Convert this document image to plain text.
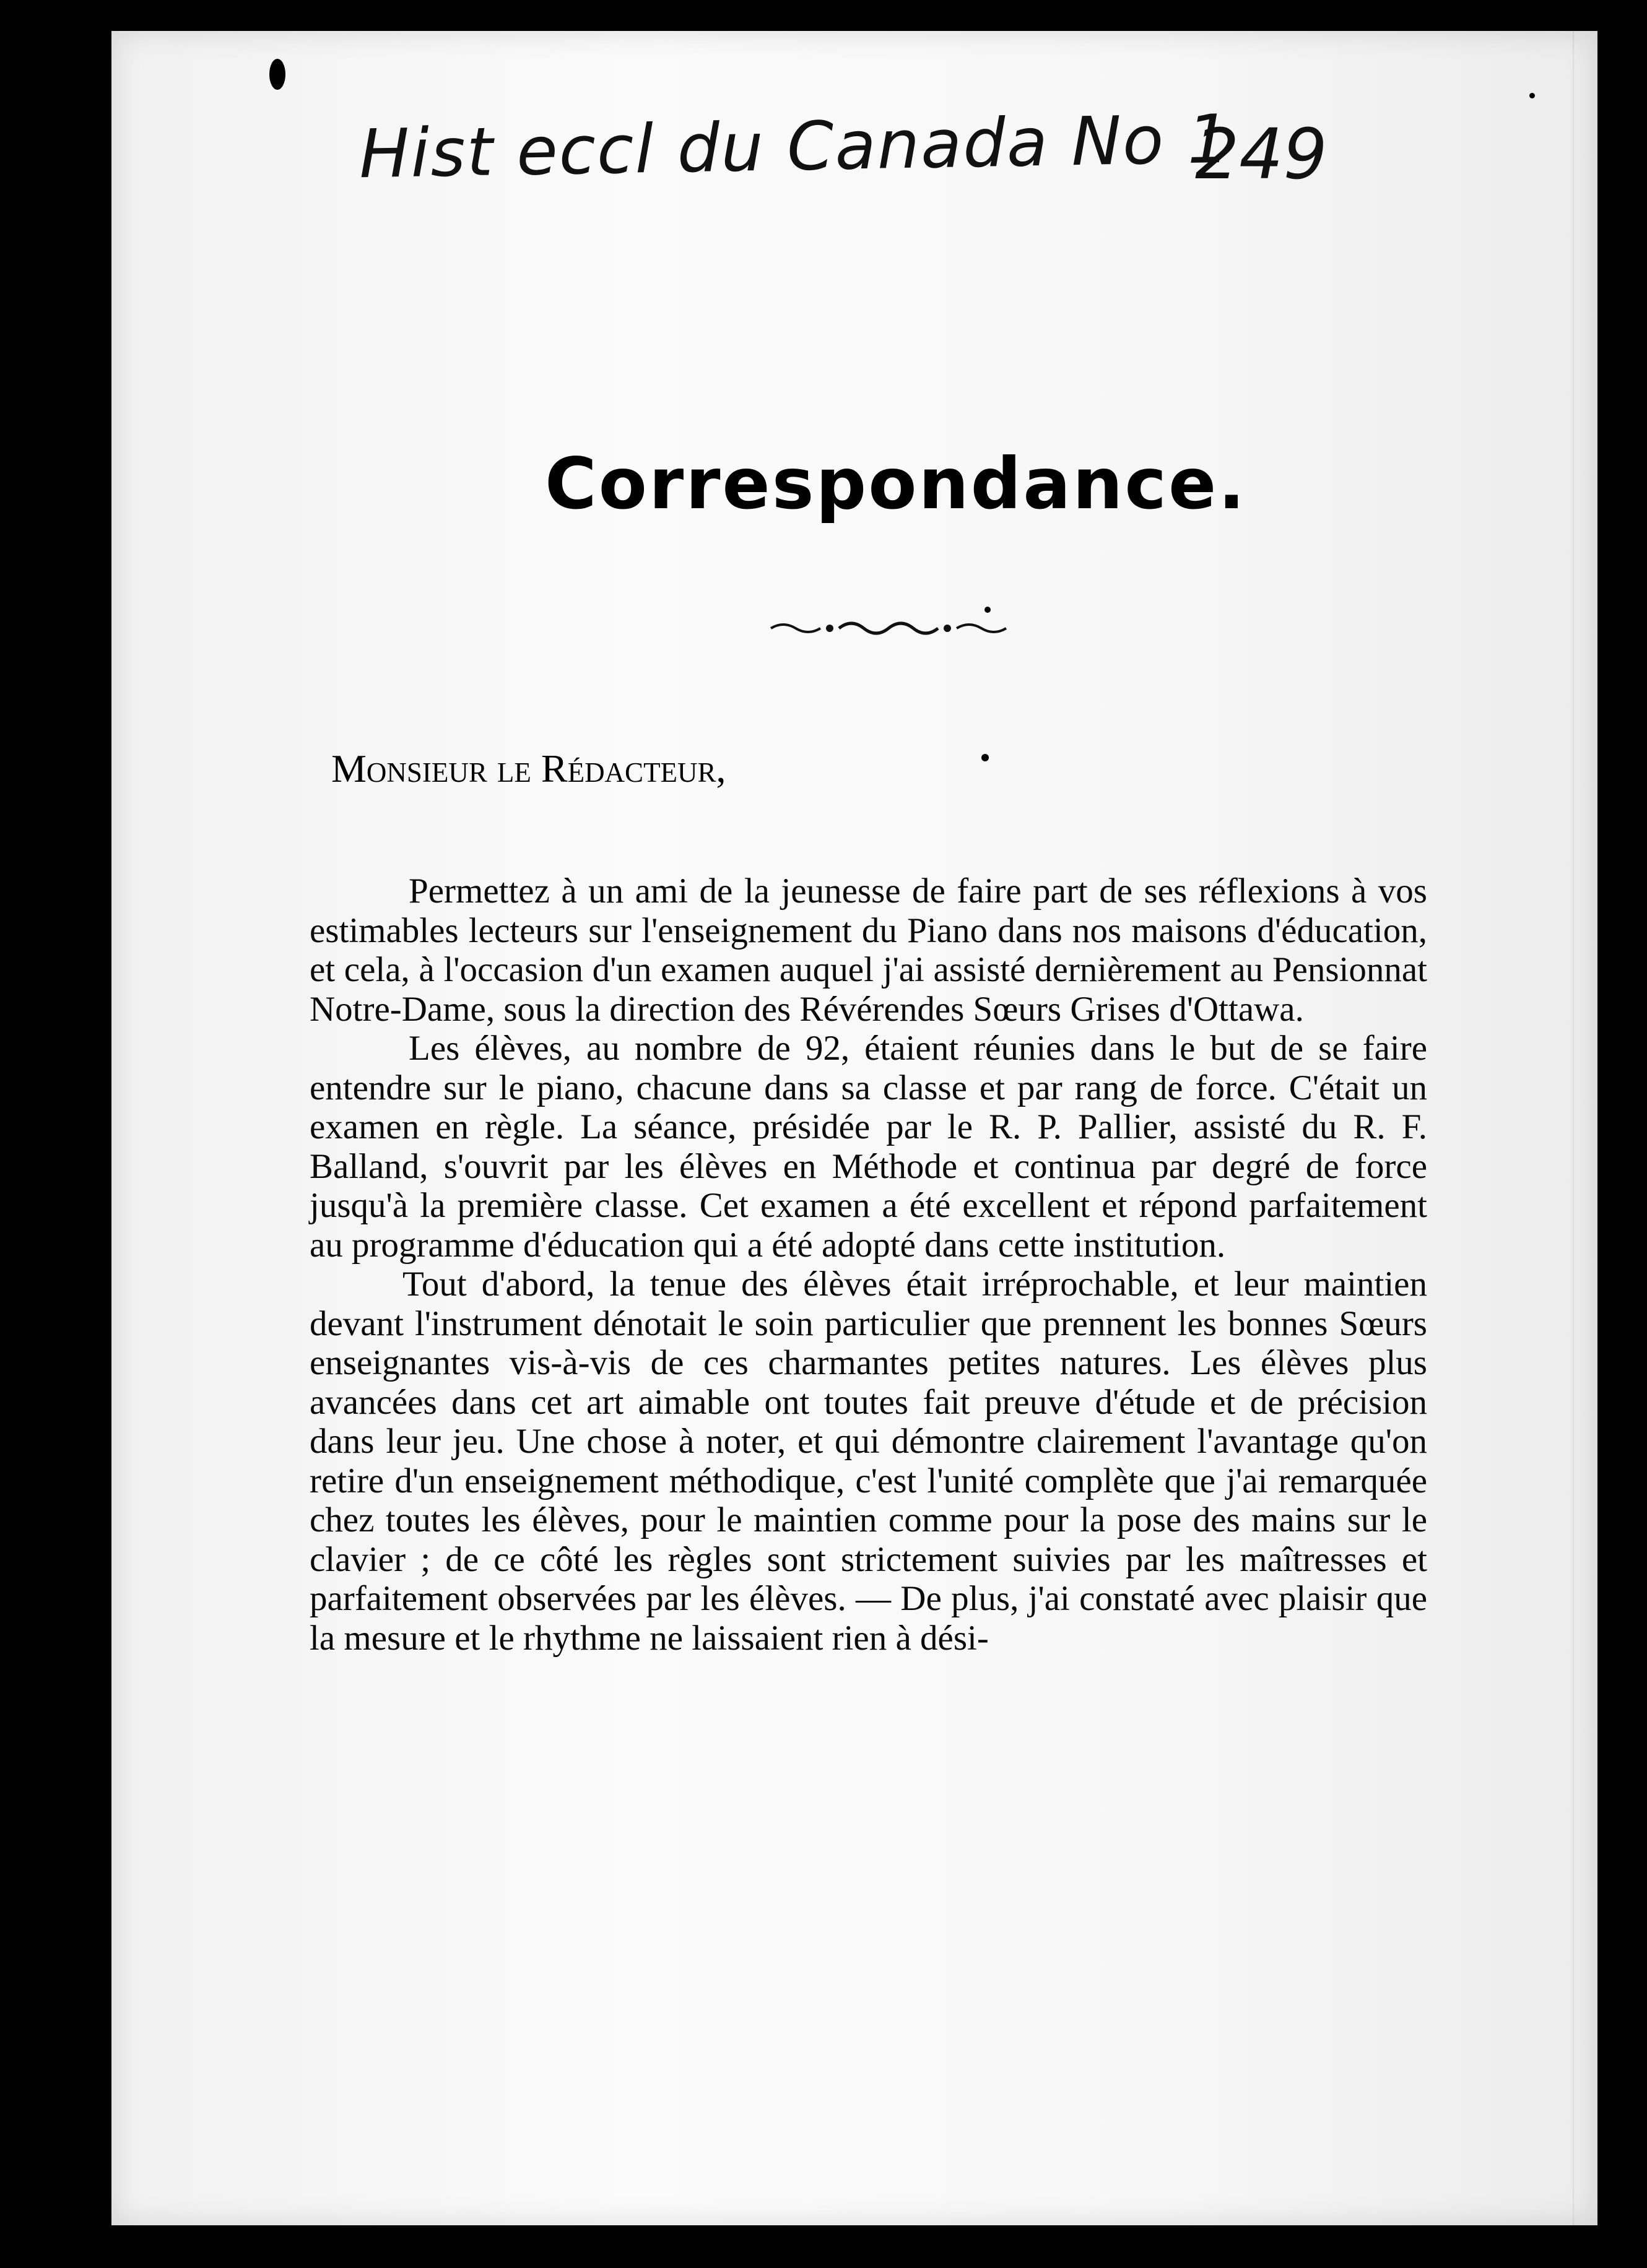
Hist eccl du Canada No 1
249
Correspondance.
Monsieur le Rédacteur,

Permettez à un ami de la jeunesse de faire part de ses réflexions à vos estimables lecteurs sur l'enseignement du Piano dans nos maisons d'éducation, et cela, à l'occasion d'un examen auquel j'ai assisté dernièrement au Pensionnat Notre-Dame, sous la direction des Révérendes Sœurs Grises d'Ottawa.

Les élèves, au nombre de 92, étaient réunies dans le but de se faire entendre sur le piano, chacune dans sa classe et par rang de force. C'était un examen en règle. La séance, présidée par le R. P. Pallier, assisté du R. F. Balland, s'ouvrit par les élèves en Méthode et continua par degré de force jusqu'à la première classe. Cet examen a été excellent et répond parfaitement au programme d'éducation qui a été adopté dans cette institution.

Tout d'abord, la tenue des élèves était irréprochable, et leur maintien devant l'instrument dénotait le soin particulier que prennent les bonnes Sœurs enseignantes vis-à-vis de ces charmantes petites natures. Les élèves plus avancées dans cet art aimable ont toutes fait preuve d'étude et de précision dans leur jeu. Une chose à noter, et qui démontre clairement l'avantage qu'on retire d'un enseignement méthodique, c'est l'unité complète que j'ai remarquée chez toutes les élèves, pour le maintien comme pour la pose des mains sur le clavier ; de ce côté les règles sont strictement suivies par les maîtresses et parfaitement observées par les élèves. — De plus, j'ai constaté avec plaisir que la mesure et le rhythme ne laissaient rien à dési-
